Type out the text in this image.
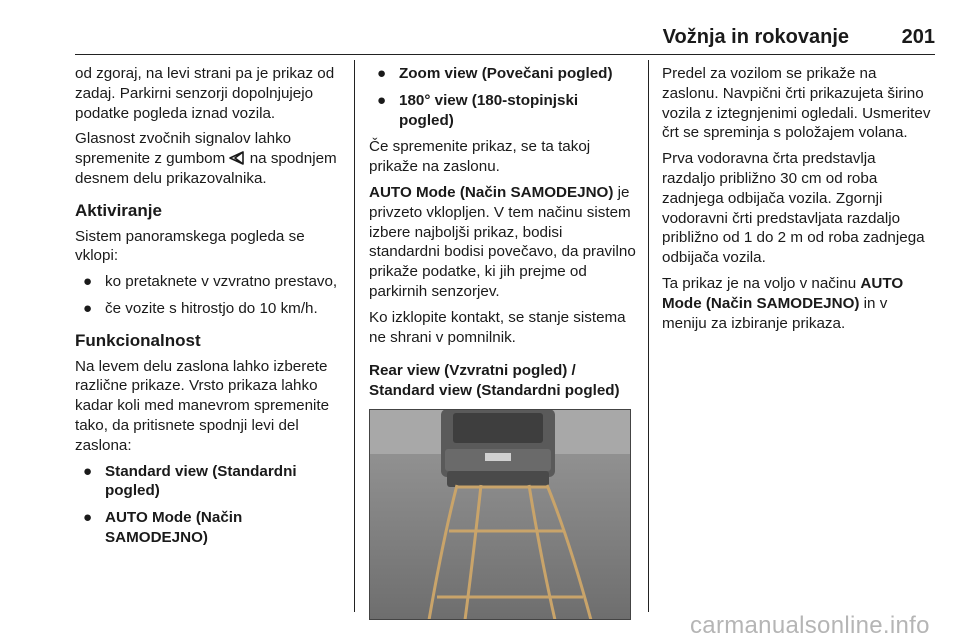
Vožnja in rokovanje	201

od zgoraj, na levi strani pa je prikaz od zadaj. Parkirni senzorji dopolnjujejo podatke pogleda iznad vozila.

Glasnost zvočnih signalov lahko spremenite z gumbom  na spodnjem desnem delu prikazovalnika.

Aktiviranje

Sistem panoramskega pogleda se vklopi:

● ko pretaknete v vzvratno prestavo,
● če vozite s hitrostjo do 10 km/h.
Funkcionalnost

Na levem delu zaslona lahko izberete različne prikaze. Vrsto prikaza lahko kadar koli med manevrom spremenite tako, da pritisnete spodnji levi del zaslona:

● Standard view (Standardni pogled)
● AUTO Mode (Način SAMODEJNO)
● Zoom view (Povečani pogled)
● 180° view (180-stopinjski pogled)

Če spremenite prikaz, se ta takoj prikaže na zaslonu.

AUTO Mode (Način SAMODEJNO) je privzeto vklopljen. V tem načinu sistem izbere najboljši prikaz, bodisi standardni bodisi povečavo, da pravilno prikaže podatke, ki jih prejme od parkirnih senzorjev.

Ko izklopite kontakt, se stanje sistema ne shrani v pomnilnik.

Rear view (Vzvratni pogled) / Standard view (Standardni pogled)

Predel za vozilom se prikaže na zaslonu. Navpični črti prikazujeta širino vozila z iztegnjenimi ogledali. Usmeritev črt se spreminja s položajem volana.

Prva vodoravna črta predstavlja razdaljo približno 30 cm od roba zadnjega odbijača vozila. Zgornji vodoravni črti predstavljata razdaljo približno od 1 do 2 m od roba zadnjega odbijača vozila.

Ta prikaz je na voljo v načinu AUTO Mode (Način SAMODEJNO) in v meniju za izbiranje prikaza.

carmanualsonline.info
